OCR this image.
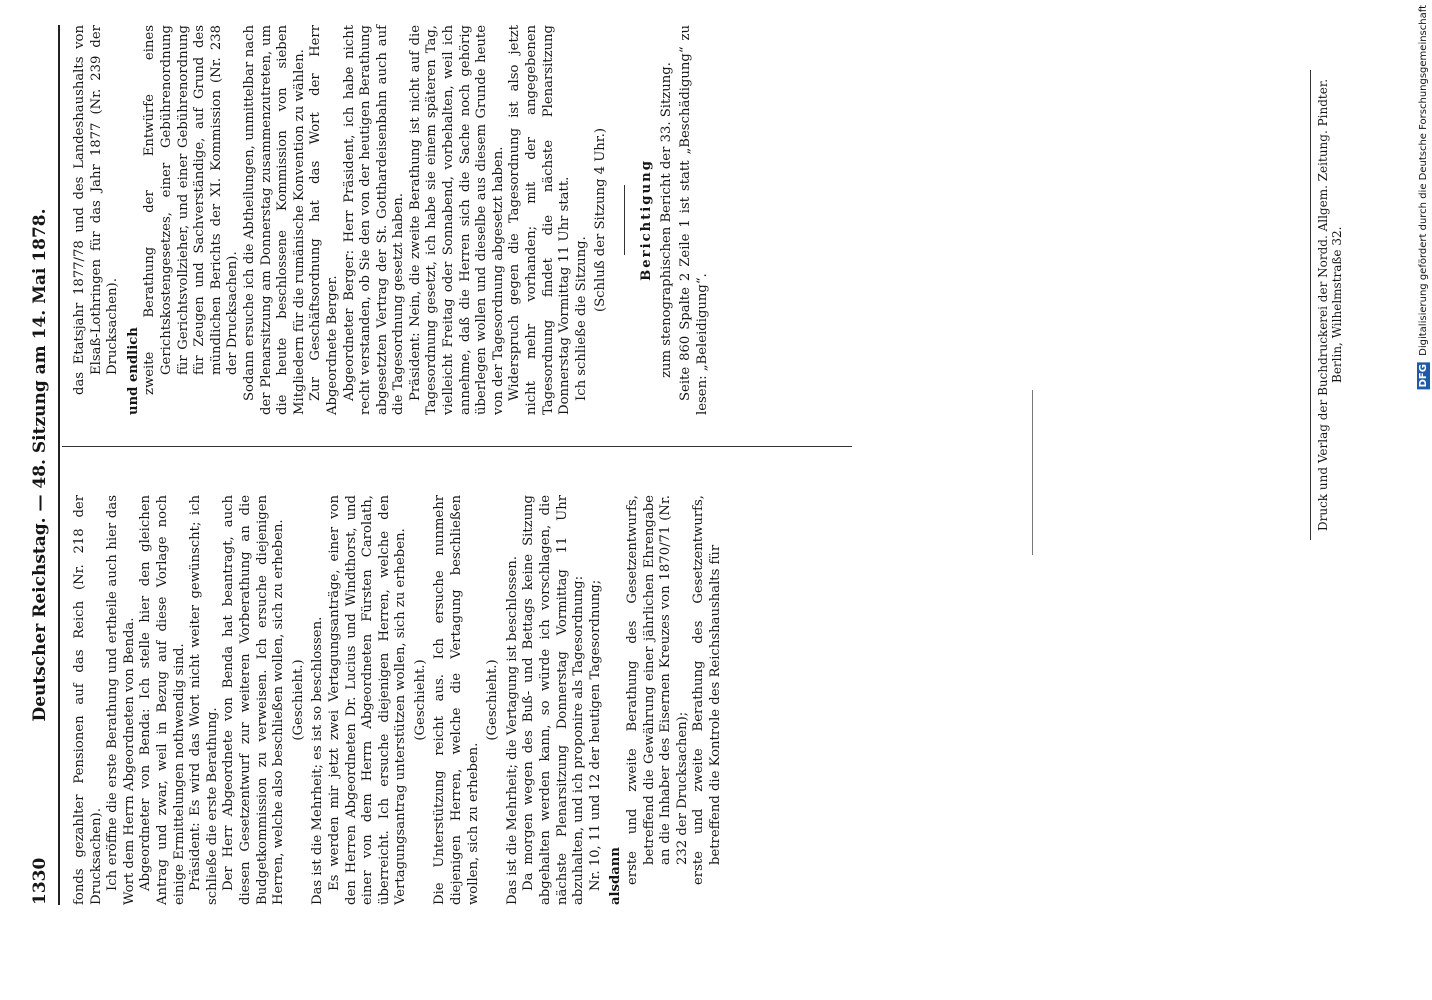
1330
Deutscher Reichstag. — 48. Sitzung am 14. Mai 1878. fonds gezahlter Pensionen auf das Reich (Nr. 218 der Drucksachen). Ich eröffne die erste Berathung und ertheile auch hier das Wort dem Herrn Abgeordneten von Benda. Abgeordneter von Benda: Ich stelle hier den gleichen Antrag und zwar, weil in Bezug auf diese Vorlage noch einige Ermittelungen nothwendig sind. Präsident: Es wird das Wort nicht weiter gewünscht; ich schließe die erste Berathung. Der Herr Abgeordnete von Benda hat beantragt, auch diesen Gesetzentwurf zur weiteren Vorberathung an die Budgetkommission zu verweisen. Ich ersuche diejenigen Herren, welche also beschließen wollen, sich zu erheben. (Geschieht.) Das ist die Mehrheit; es ist so beschlossen. Es werden mir jetzt zwei Vertagungsanträge, einer von den Herren Abgeordneten Dr. Lucius und Windthorst, und einer von dem Herrn Abgeordneten Fürsten Carolath, überreicht. Ich ersuche diejenigen Herren, welche den Vertagungsantrag unterstützen wollen, sich zu erheben. (Geschieht.) Die Unterstützung reicht aus. Ich ersuche nunmehr diejenigen Herren, welche die Vertagung beschließen wollen, sich zu erheben.

(Geschieht.) Das ist die Mehrheit; die Vertagung ist beschlossen. Da morgen wegen des Buß- und Bettags keine Sitzung abgehalten werden kann, so würde ich vorschlagen, die nächste Plenarsitzung Donnerstag Vormittag 11 Uhr abzuhalten, und ich proponire als Tagesordnung: Nr. 10, 11 und 12 der heutigen Tagesordnung; alsdann erste und zweite Berathung des Gesetzentwurfs, betreffend die Gewährung einer jährlichen Ehrengabe an die Inhaber des Eisernen Kreuzes von 1870/71 (Nr. 232 der Drucksachen); erste und zweite Berathung des Gesetzentwurfs, betreffend die Kontrole des Reichshaushalts für

das Etatsjahr 1877/78 und des Landeshaushalts von Elsaß-Lothringen für das Jahr 1877 (Nr. 239 der Drucksachen). und endlich zweite Berathung der Entwürfe eines Gerichtskostengesetzes, einer Gebührenordnung für Gerichtsvollzieher, und einer Gebührenordnung für Zeugen und Sachverständige, auf Grund des mündlichen Berichts der XI. Kommission (Nr. 238 der Drucksachen). Sodann ersuche ich die Abtheilungen, unmittelbar nach der Plenarsitzung am Donnerstag zusammenzutreten, um die heute beschlossene Kommission von sieben Mitgliedern für die rumänische Konvention zu wählen. Zur Geschäftsordnung hat das Wort der Herr Abgeordnete Berger. Abgeordneter Berger: Herr Präsident, ich habe nicht recht verstanden, ob Sie den von der heutigen Berathung abgesetzten Vertrag der St. Gotthardeisenbahn auch auf die Tagesordnung gesetzt haben. Präsident: Nein, die zweite Berathung ist nicht auf die Tagesordnung gesetzt, ich habe sie einem späteren Tag, vielleicht Freitag oder Sonnabend, vorbehalten, weil ich annehme, daß die Herren sich die Sache noch gehörig überlegen wollen und dieselbe aus diesem Grunde heute von der Tagesordnung abgesetzt haben. Widerspruch gegen die Tagesordnung ist also jetzt nicht mehr vorhanden; mit der angegebenen Tagesordnung findet die nächste Plenarsitzung Donnerstag Vormittag 11 Uhr statt. Ich schließe die Sitzung.

(Schluß der Sitzung 4 Uhr.) Berichtigung zum stenographischen Bericht der 33. Sitzung. Seite 860 Spalte 2 Zeile 1 ist statt „Beschädigung“ zu lesen: „Beleidigung“.	Druck und Verlag der Buchdruckerei der Nordd. Allgem. Zeitung. Pindter. Berlin, Wilhelmstraße 32.	DFG Digitalisierung gefördert durch die Deutsche Forschungsgemeinschaft
